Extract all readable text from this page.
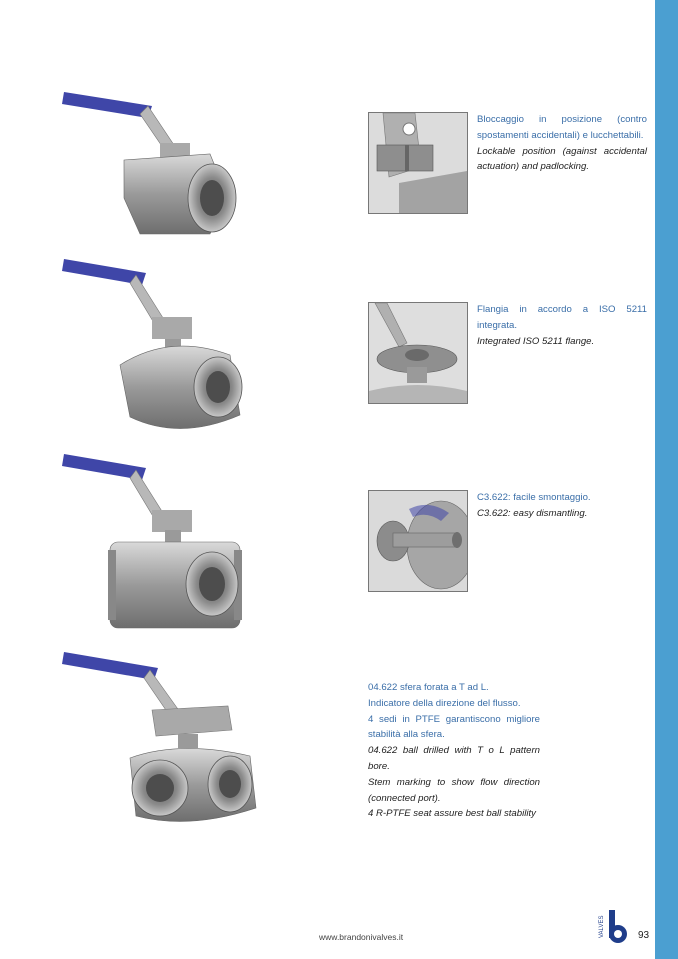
Bloccaggio in posizione (contro spostamenti accidentali) e lucchettabili.
Lockable position (against accidental actuation) and padlocking.
Flangia in accordo a ISO 5211 integrata.
Integrated ISO 5211 flange.
C3.622: facile smontaggio.
C3.622: easy dismantling.
04.622 sfera forata a T ad L.
Indicatore della direzione del flusso.
4 sedi in PTFE garantiscono migliore stabilità alla sfera.
04.622 ball drilled with T o L pattern bore.
Stem marking to show flow direction (connected port).
4 R-PTFE seat assure best ball stability
www.brandonivalves.it	VALVES	93
